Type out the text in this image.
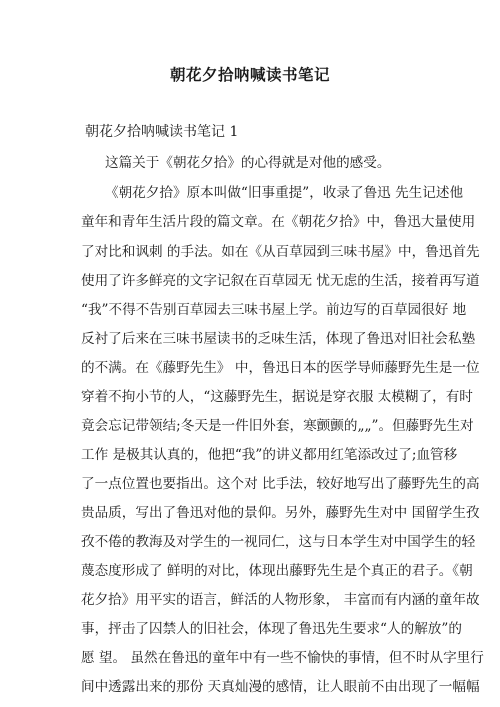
朝花夕拾呐喊读书笔记
朝花夕拾呐喊读书笔记 1
这篇关于《朝花夕拾》的心得就是对他的感受。
《朝花夕拾》原本叫做“旧事重提”，收录了鲁迅 先生记述他
童年和青年生活片段的篇文章。在《朝花夕拾》中，鲁迅大量使用
了对比和讽刺 的手法。如在《从百草园到三味书屋》中，鲁迅首先
使用了许多鲜亮的文字记叙在百草园无 忧无虑的生活，接着再写道
“我”不得不告别百草园去三味书屋上学。前边写的百草园很好 地
反衬了后来在三味书屋读书的乏味生活，体现了鲁迅对旧社会私塾
的不满。在《藤野先生》 中，鲁迅日本的医学导师藤野先生是一位
穿着不拘小节的人，“这藤野先生，据说是穿衣服 太模糊了，有时
竟会忘记带领结;冬天是一件旧外套，寒颤颤的„„”。但藤野先生对
工作 是极其认真的，他把“我”的讲义都用红笔添改过了;血管移
了一点位置也要指出。这个对 比手法，较好地写出了藤野先生的高
贵品质，写出了鲁迅对他的景仰。另外，藤野先生对中 国留学生孜
孜不倦的教海及对学生的一视同仁，这与日本学生对中国学生的轻
蔑态度形成了 鲜明的对比，体现出藤野先生是个真正的君子。《朝
花夕拾》用平实的语言，鲜活的人物形象， 丰富而有内涵的童年故
事，抨击了囚禁人的旧社会，体现了鲁迅先生要求“人的解放”的
愿 望。 虽然在鲁迅的童年中有一些不愉快的事情，但不时从字里行
间中透露出来的那份 天真灿漫的感情，让人眼前不由出现了一幅幅
